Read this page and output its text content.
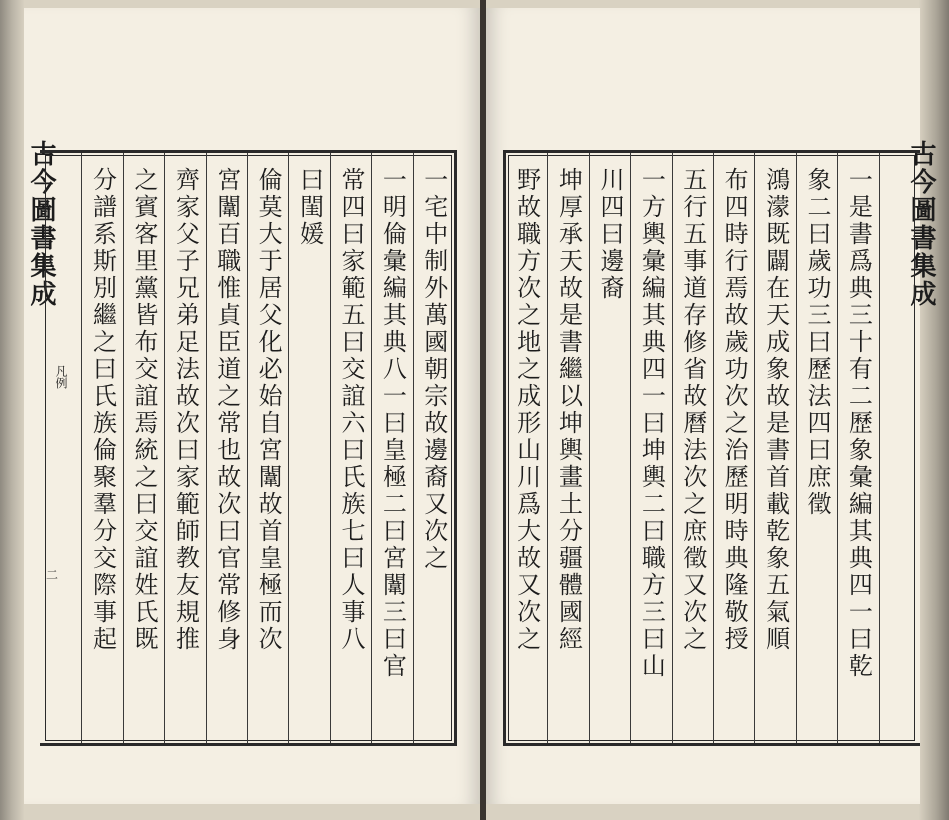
古今圖書集成
凡例
二
一宅中制外萬國朝宗故邊裔又次之
一明倫彙編其典八一曰皇極二曰宮闈三曰官
常四曰家範五曰交誼六曰氏族七曰人事八
曰閨媛
倫莫大于居父化必始自宮闈故首皇極而次
宮闈百職惟貞臣道之常也故次曰官常修身
齊家父子兄弟足法故次曰家範師教友規推
之賓客里黨皆布交誼焉統之曰交誼姓氏既
分譜系斯別繼之曰氏族倫聚羣分交際事起	古今圖書集成
一是書爲典三十有二歷象彙編其典四一曰乾
象二曰歲功三曰歷法四曰庶徵
鴻濛既闢在天成象故是書首載乾象五氣順
布四時行焉故歲功次之治歷明時典隆敬授
五行五事道存修省故曆法次之庶徵又次之
一方輿彙編其典四一曰坤輿二曰職方三曰山
川四曰邊裔
坤厚承天故是書繼以坤輿畫土分疆體國經
野故職方次之地之成形山川爲大故又次之
